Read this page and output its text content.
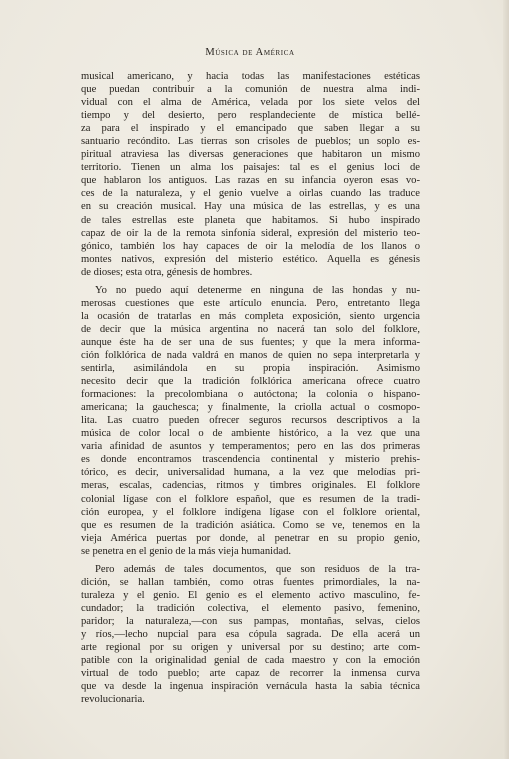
Música de América
musical americano, y hacia todas las manifestaciones estéticas
que puedan contribuir a la comunión de nuestra alma indi-
vidual con el alma de América, velada por los siete velos del
tiempo y del desierto, pero resplandeciente de mística bellé-
za para el inspirado y el emancipado que saben llegar a su
santuario recóndito. Las tierras son crisoles de pueblos; un soplo es-
piritual atraviesa las diversas generaciones que habitaron un mismo
territorio. Tienen un alma los paisajes: tal es el genius loci de
que hablaron los antiguos. Las razas en su infancia oyeron esas vo-
ces de la naturaleza, y el genio vuelve a oirlas cuando las traduce
en su creación musical. Hay una música de las estrellas, y es una
de tales estrellas este planeta que habitamos. Si hubo inspirado
capaz de oir la de la remota sinfonía sideral, expresión del misterio teo-
gónico, también los hay capaces de oir la melodía de los llanos o
montes nativos, expresión del misterio estético. Aquella es génesis
de dioses; esta otra, génesis de hombres.
Yo no puedo aquí detenerme en ninguna de las hondas y nu-
merosas cuestiones que este artículo enuncia. Pero, entretanto llega
la ocasión de tratarlas en más completa exposición, siento urgencia
de decir que la música argentina no nacerá tan solo del folklore,
aunque éste ha de ser una de sus fuentes; y que la mera informa-
ción folklórica de nada valdrá en manos de quien no sepa interpretarla y sentirla, asimilándola en su propia inspiración. Asimismo
necesito decir que la tradición folklórica americana ofrece cuatro
formaciones: la precolombiana o autóctona; la colonia o hispano-
americana; la gauchesca; y finalmente, la criolla actual o cosmopo-
lita. Las cuatro pueden ofrecer seguros recursos descriptivos a la
música de color local o de ambiente histórico, a la vez que una
varia afinidad de asuntos y temperamentos; pero en las dos primeras
es donde encontramos trascendencia continental y misterio prehis-
tórico, es decir, universalidad humana, a la vez que melodías pri-
meras, escalas, cadencias, ritmos y timbres originales. El folklore
colonial lígase con el folklore español, que es resumen de la tradi-
ción europea, y el folklore indígena lígase con el folklore oriental,
que es resumen de la tradición asiática. Como se ve, tenemos en la
vieja América puertas por donde, al penetrar en su propio genio,
se penetra en el genio de la más vieja humanidad.
Pero además de tales documentos, que son residuos de la tra-
dición, se hallan también, como otras fuentes primordiales, la na-
turaleza y el genio. El genio es el elemento activo masculino, fe-
cundador; la tradición colectiva, el elemento pasivo, femenino,
paridor; la naturaleza,—con sus pampas, montañas, selvas, cielos
y ríos,—lecho nupcial para esa cópula sagrada. De ella acerá un
arte regional por su origen y universal por su destino; arte com-
patible con la originalidad genial de cada maestro y con la emoción
virtual de todo pueblo; arte capaz de recorrer la inmensa curva
que va desde la ingenua inspiración vernácula hasta la sabia técnica
revolucionaria.
